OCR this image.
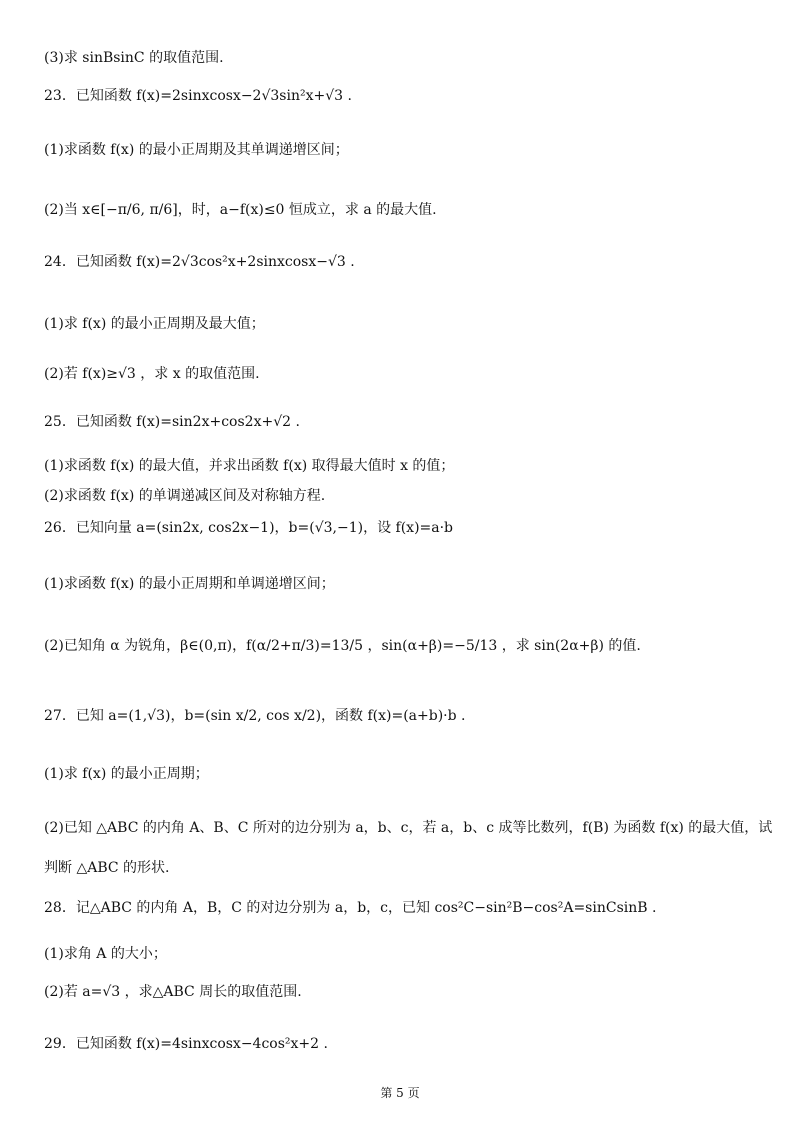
(3)求 sinBsinC 的取值范围.
23．已知函数 f(x)=2sinxcosx−2√3sin²x+√3 .
(1)求函数 f(x) 的最小正周期及其单调递增区间；
(2)当 x∈[−π/6, π/6]，时，a−f(x)≤0 恒成立，求 a 的最大值.
24．已知函数 f(x)=2√3cos²x+2sinxcosx−√3 .
(1)求 f(x) 的最小正周期及最大值；
(2)若 f(x)≥√3 ，求 x 的取值范围.
25．已知函数 f(x)=sin2x+cos2x+√2 .
(1)求函数 f(x) 的最大值，并求出函数 f(x) 取得最大值时 x 的值；
(2)求函数 f(x) 的单调递减区间及对称轴方程.
26．已知向量 a=(sin2x, cos2x−1)，b=(√3,−1)，设 f(x)=a·b
(1)求函数 f(x) 的最小正周期和单调递增区间；
(2)已知角 α 为锐角，β∈(0,π)，f(α/2+π/3)=13/5 ，sin(α+β)=−5/13 ，求 sin(2α+β) 的值.
27．已知 a=(1,√3)，b=(sin x/2, cos x/2)，函数 f(x)=(a+b)·b .
(1)求 f(x) 的最小正周期；
(2)已知 △ABC 的内角 A、B、C 所对的边分别为 a，b、c，若 a，b、c 成等比数列，f(B) 为函数 f(x) 的最大值，试
判断 △ABC 的形状.
28．记△ABC 的内角 A，B，C 的对边分别为 a，b，c，已知 cos²C−sin²B−cos²A=sinCsinB .
(1)求角 A 的大小；
(2)若 a=√3 ，求△ABC 周长的取值范围.
29．已知函数 f(x)=4sinxcosx−4cos²x+2 .
第 5 页
